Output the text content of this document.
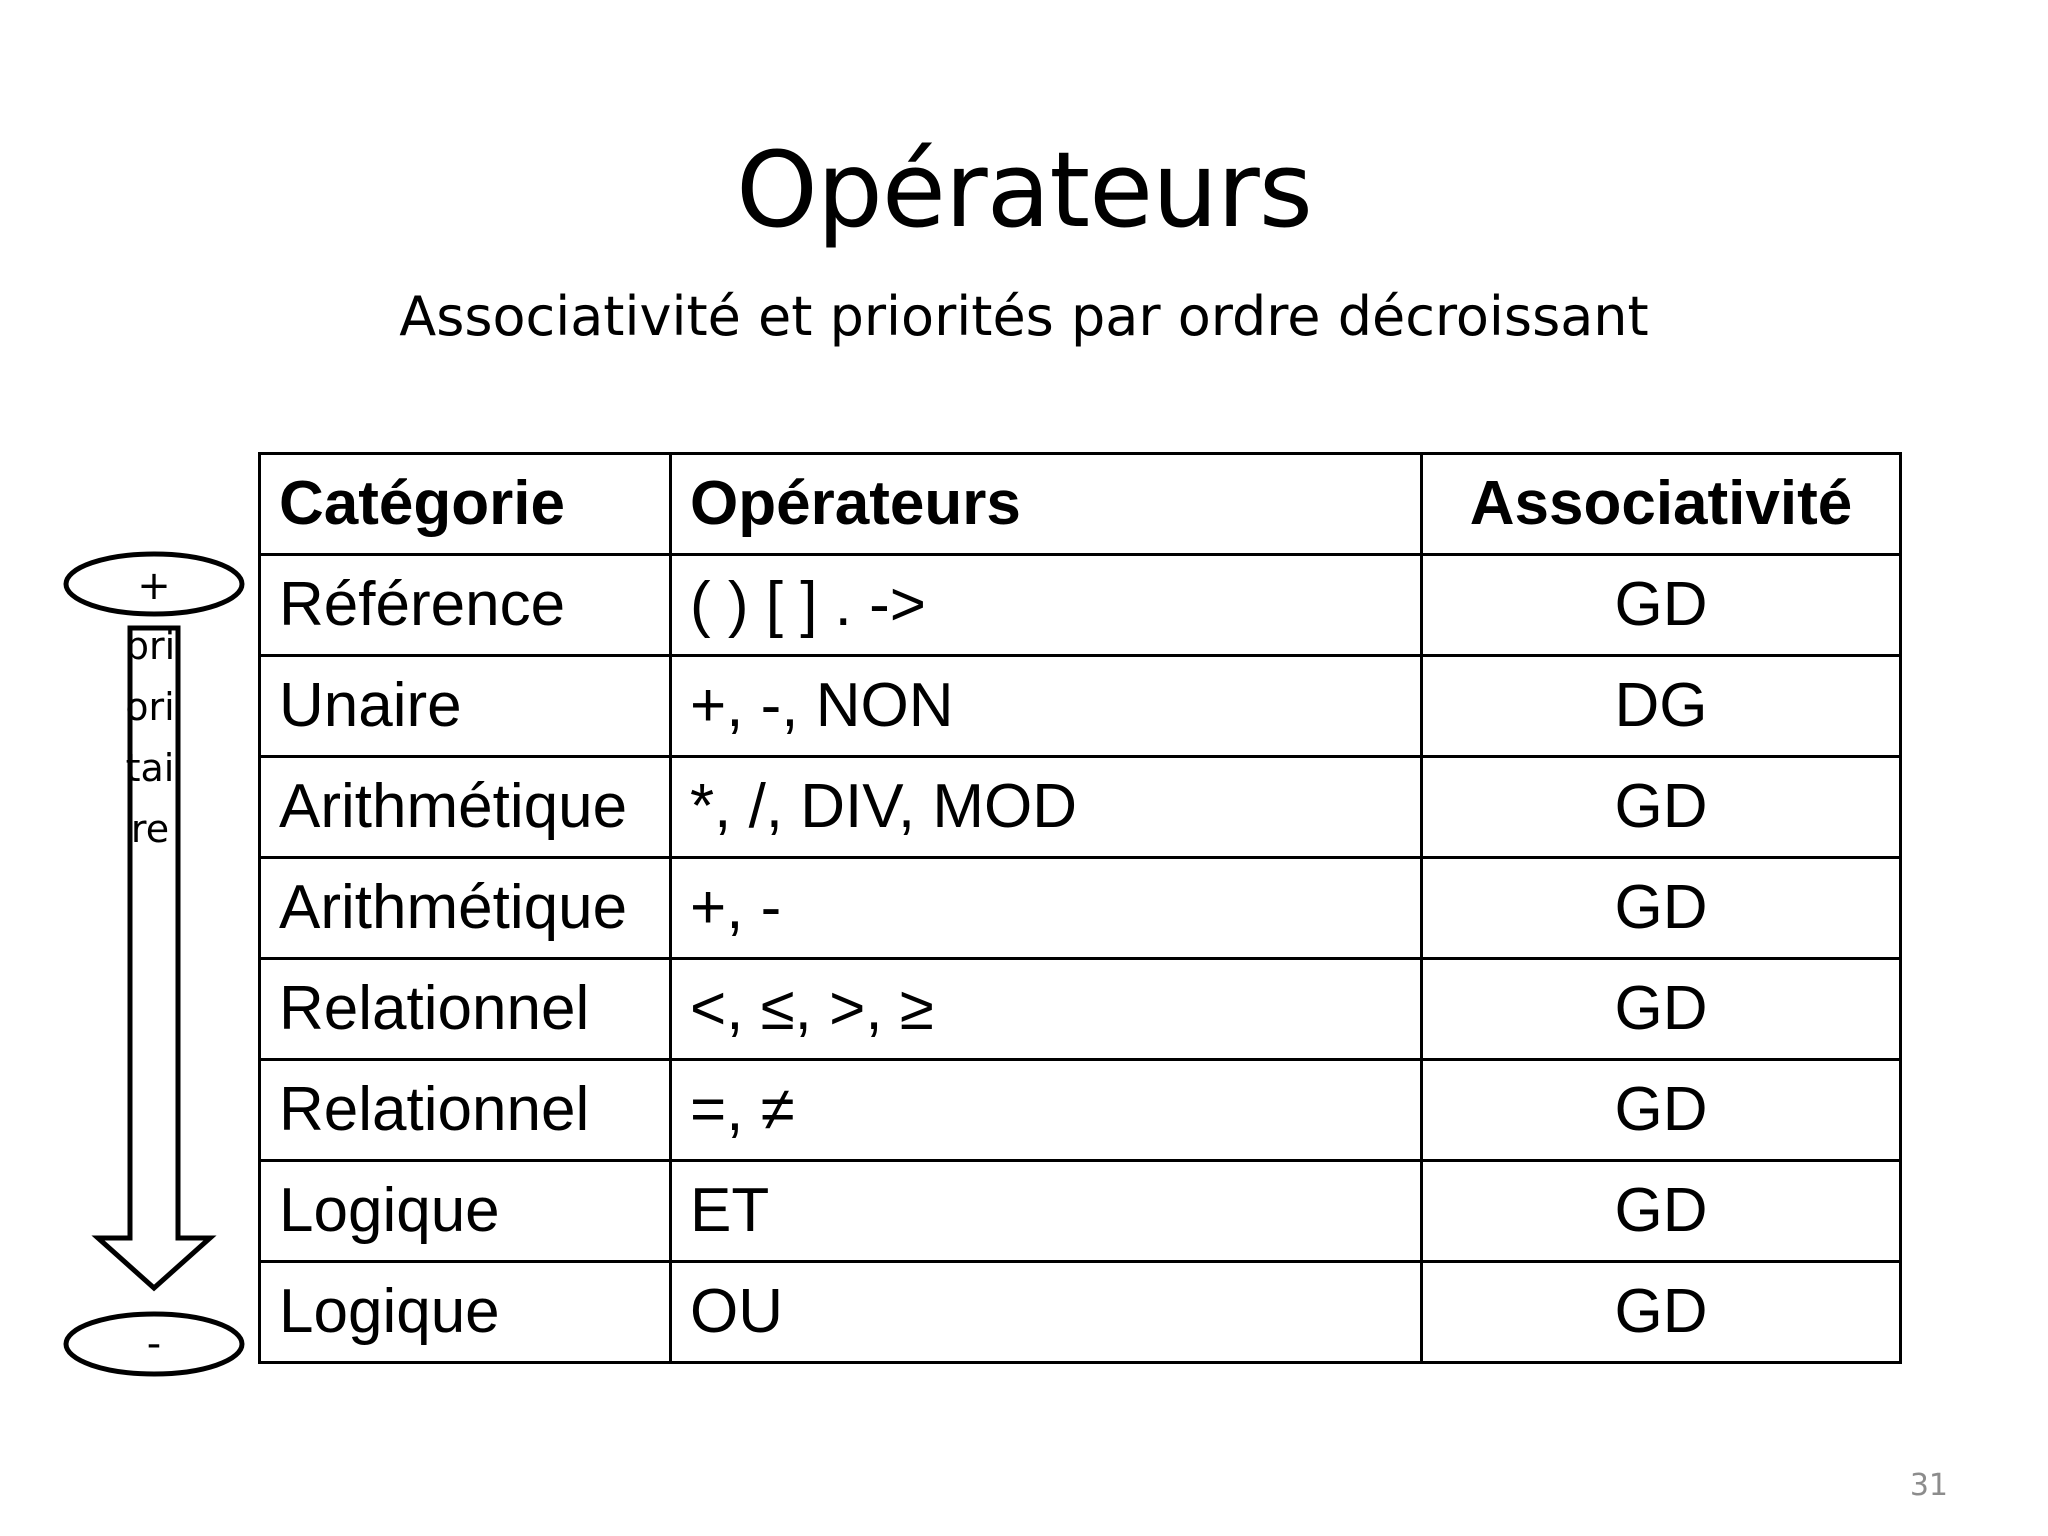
Opérateurs
Associativité et priorités par ordre décroissant
+
prioritaire
-
Catégorie	Opérateurs	Associativité
Référence	( ) [ ] . ->	GD
Unaire	+, -, NON	DG
Arithmétique	*, /, DIV, MOD	GD
Arithmétique	+, -	GD
Relationnel	<, ≤, >, ≥	GD
Relationnel	=, ≠	GD
Logique	ET	GD
Logique	OU	GD
31
